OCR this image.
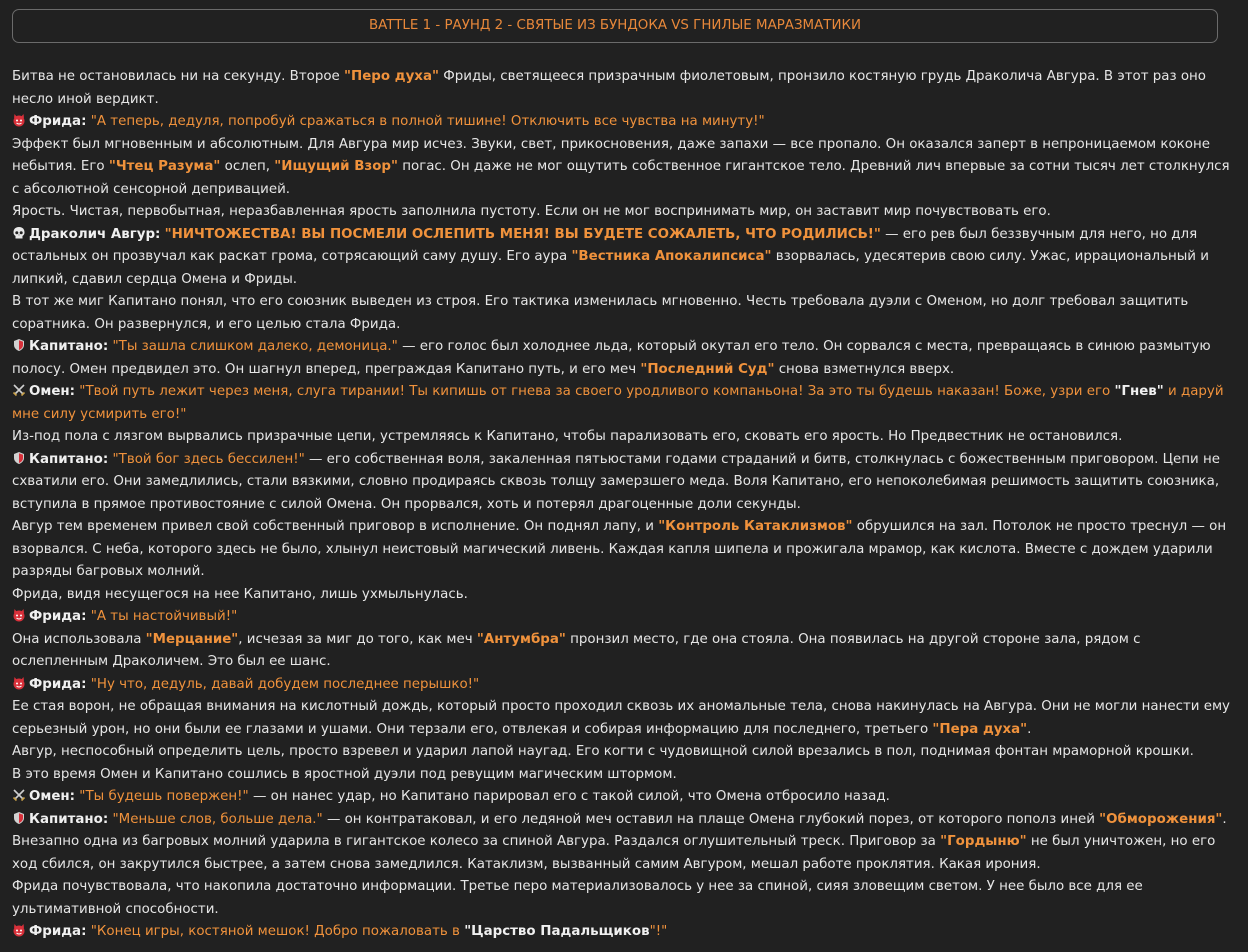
BATTLE 1 - РАУНД 2 - СВЯТЫЕ ИЗ БУНДОКА VS ГНИЛЫЕ МАРАЗМАТИКИ

Битва не остановилась ни на секунду. Второе "Перо духа" Фриды, светящееся призрачным фиолетовым, пронзило костяную грудь Драколича Авгура. В этот раз оно несло иной вердикт.

Фрида: "А теперь, дедуля, попробуй сражаться в полной тишине! Отключить все чувства на минуту!"

Эффект был мгновенным и абсолютным. Для Авгура мир исчез. Звуки, свет, прикосновения, даже запахи — все пропало. Он оказался заперт в непроницаемом коконе небытия. Его "Чтец Разума" ослеп, "Ищущий Взор" погас. Он даже не мог ощутить собственное гигантское тело. Древний лич впервые за сотни тысяч лет столкнулся с абсолютной сенсорной депривацией.

Ярость. Чистая, первобытная, неразбавленная ярость заполнила пустоту. Если он не мог воспринимать мир, он заставит мир почувствовать его.

Драколич Авгур: "НИЧТОЖЕСТВА! ВЫ ПОСМЕЛИ ОСЛЕПИТЬ МЕНЯ! ВЫ БУДЕТЕ СОЖАЛЕТЬ, ЧТО РОДИЛИСЬ!" — его рев был беззвучным для него, но для остальных он прозвучал как раскат грома, сотрясающий саму душу. Его аура "Вестника Апокалипсиса" взорвалась, удесятерив свою силу. Ужас, иррациональный и липкий, сдавил сердца Омена и Фриды.

В тот же миг Капитано понял, что его союзник выведен из строя. Его тактика изменилась мгновенно. Честь требовала дуэли с Оменом, но долг требовал защитить соратника. Он развернулся, и его целью стала Фрида.

Капитано: "Ты зашла слишком далеко, демоница." — его голос был холоднее льда, который окутал его тело. Он сорвался с места, превращаясь в синюю размытую полосу. Омен предвидел это. Он шагнул вперед, преграждая Капитано путь, и его меч "Последний Суд" снова взметнулся вверх.

Омен: "Твой путь лежит через меня, слуга тирании! Ты кипишь от гнева за своего уродливого компаньона! За это ты будешь наказан! Боже, узри его "Гнев" и даруй мне силу усмирить его!"

Из-под пола с лязгом вырвались призрачные цепи, устремляясь к Капитано, чтобы парализовать его, сковать его ярость. Но Предвестник не остановился.

Капитано: "Твой бог здесь бессилен!" — его собственная воля, закаленная пятьюстами годами страданий и битв, столкнулась с божественным приговором. Цепи не схватили его. Они замедлились, стали вязкими, словно продираясь сквозь толщу замерзшего меда. Воля Капитано, его непоколебимая решимость защитить союзника, вступила в прямое противостояние с силой Омена. Он прорвался, хоть и потерял драгоценные доли секунды.

Авгур тем временем привел свой собственный приговор в исполнение. Он поднял лапу, и "Контроль Катаклизмов" обрушился на зал. Потолок не просто треснул — он взорвался. С неба, которого здесь не было, хлынул неистовый магический ливень. Каждая капля шипела и прожигала мрамор, как кислота. Вместе с дождем ударили разряды багровых молний.

Фрида, видя несущегося на нее Капитано, лишь ухмыльнулась.

Фрида: "А ты настойчивый!"

Она использовала "Мерцание", исчезая за миг до того, как меч "Антумбра" пронзил место, где она стояла. Она появилась на другой стороне зала, рядом с ослепленным Драколичем. Это был ее шанс.

Фрида: "Ну что, дедуль, давай добудем последнее перышко!"

Ее стая ворон, не обращая внимания на кислотный дождь, который просто проходил сквозь их аномальные тела, снова накинулась на Авгура. Они не могли нанести ему серьезный урон, но они были ее глазами и ушами. Они терзали его, отвлекая и собирая информацию для последнего, третьего "Пера духа".

Авгур, неспособный определить цель, просто взревел и ударил лапой наугад. Его когти с чудовищной силой врезались в пол, поднимая фонтан мраморной крошки.

В это время Омен и Капитано сошлись в яростной дуэли под ревущим магическим штормом.

Омен: "Ты будешь повержен!" — он нанес удар, но Капитано парировал его с такой силой, что Омена отбросило назад.

Капитано: "Меньше слов, больше дела." — он контратаковал, и его ледяной меч оставил на плаще Омена глубокий порез, от которого пополз иней "Обморожения".

Внезапно одна из багровых молний ударила в гигантское колесо за спиной Авгура. Раздался оглушительный треск. Приговор за "Гордыню" не был уничтожен, но его ход сбился, он закрутился быстрее, а затем снова замедлился. Катаклизм, вызванный самим Авгуром, мешал работе проклятия. Какая ирония.

Фрида почувствовала, что накопила достаточно информации. Третье перо материализовалось у нее за спиной, сияя зловещим светом. У нее было все для ее ультимативной способности.

Фрида: "Конец игры, костяной мешок! Добро пожаловать в "Царство Падальщиков"!"
